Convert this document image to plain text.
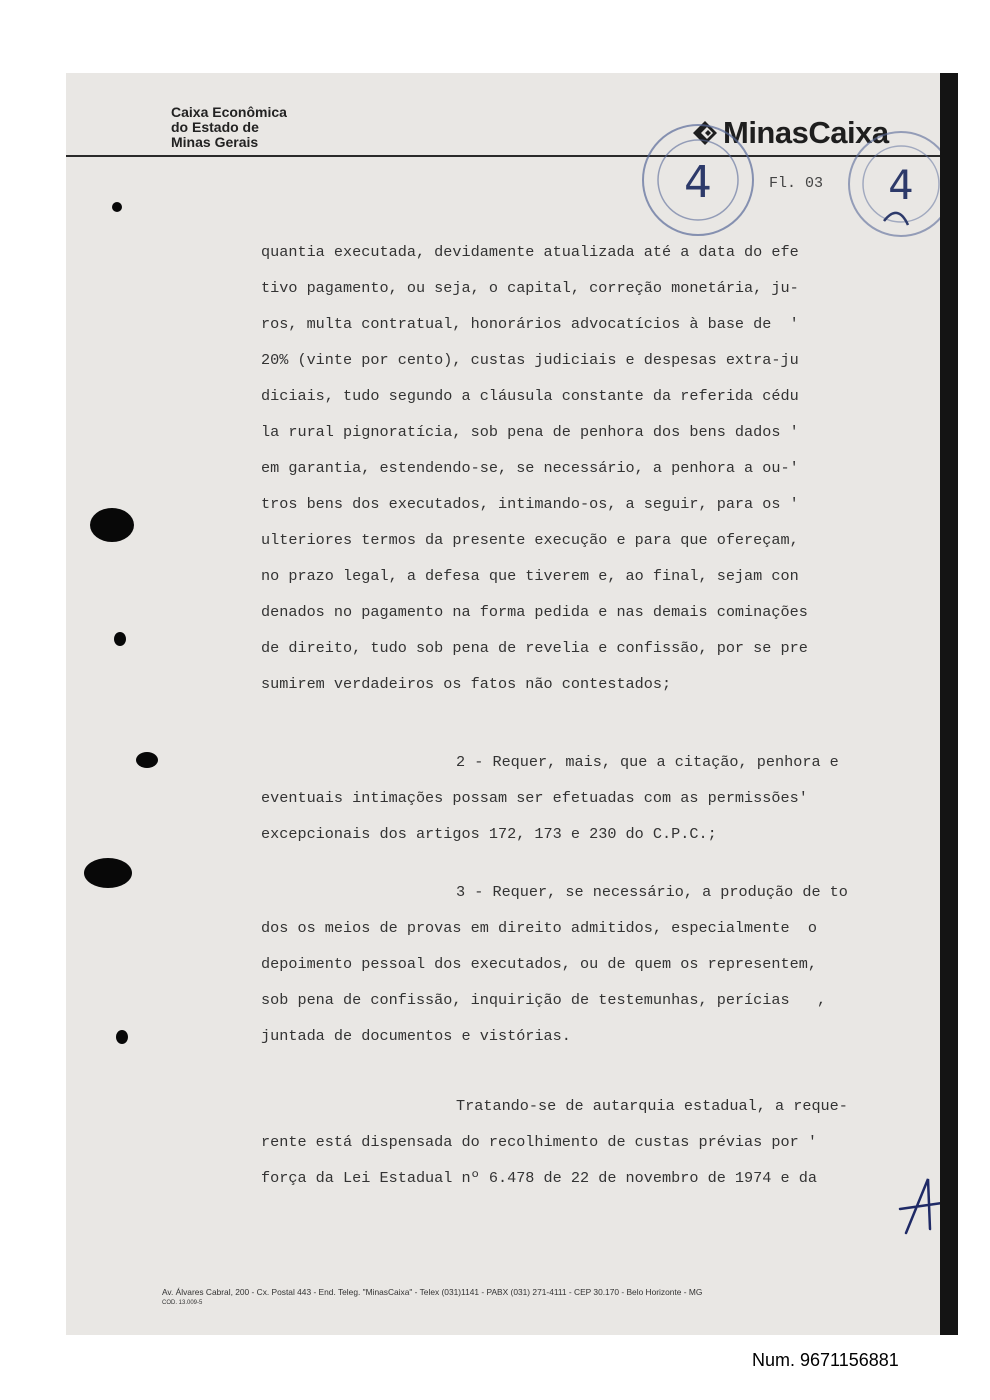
Caixa Econômica
do Estado de
Minas Gerais	MinasCaixa
4	Fl. 03 4

quantia executada, devidamente atualizada até a data do efe

tivo pagamento, ou seja, o capital, correção monetária, ju-

ros, multa contratual, honorários advocatícios à base de  '

20% (vinte por cento), custas judiciais e despesas extra-ju

diciais, tudo segundo a cláusula constante da referida cédu

la rural pignoratícia, sob pena de penhora dos bens dados '

em garantia, estendendo-se, se necessário, a penhora a ou-'

tros bens dos executados, intimando-os, a seguir, para os '

ulteriores termos da presente execução e para que ofereçam,

no prazo legal, a defesa que tiverem e, ao final, sejam con

denados no pagamento na forma pedida e nas demais cominações

de direito, tudo sob pena de revelia e confissão, por se pre

sumirem verdadeiros os fatos não contestados;

2 - Requer, mais, que a citação, penhora e

eventuais intimações possam ser efetuadas com as permissões'

excepcionais dos artigos 172, 173 e 230 do C.P.C.;

3 - Requer, se necessário, a produção de to

dos os meios de provas em direito admitidos, especialmente  o

depoimento pessoal dos executados, ou de quem os representem,

sob pena de confissão, inquirição de testemunhas, perícias   ,

juntada de documentos e vistórias.

Tratando-se de autarquia estadual, a reque-

rente está dispensada do recolhimento de custas prévias por '

força da Lei Estadual nº 6.478 de 22 de novembro de 1974 e da

Av. Álvares Cabral, 200 - Cx. Postal 443 - End. Teleg. "MinasCaixa" - Telex (031)1141 - PABX (031) 271-4111 - CEP 30.170 - Belo Horizonte - MG
COD. 13.009-5
Num. 9671156881
